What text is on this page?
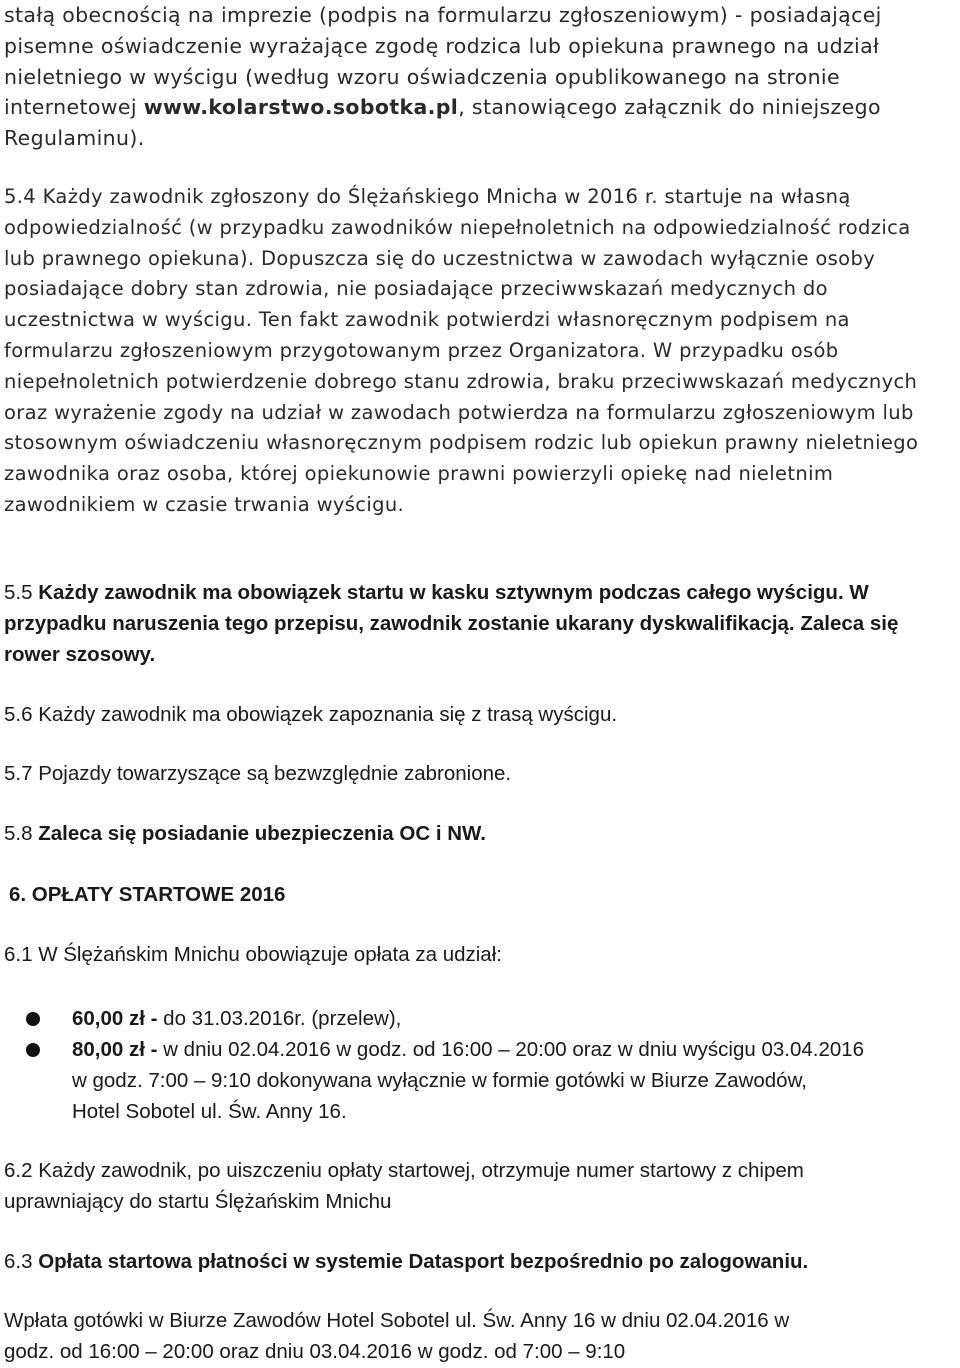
stałą obecnością na imprezie (podpis na formularzu zgłoszeniowym) - posiadającej

pisemne oświadczenie wyrażające zgodę rodzica lub opiekuna prawnego na udział

nieletniego w wyścigu (według wzoru oświadczenia opublikowanego na stronie

internetowej www.kolarstwo.sobotka.pl, stanowiącego załącznik do niniejszego

Regulaminu).

5.4 Każdy zawodnik zgłoszony do Ślężańskiego Mnicha w 2016 r. startuje na własną

odpowiedzialność (w przypadku zawodników niepełnoletnich na odpowiedzialność rodzica

lub prawnego opiekuna). Dopuszcza się do uczestnictwa w zawodach wyłącznie osoby

posiadające dobry stan zdrowia, nie posiadające przeciwwskazań medycznych do

uczestnictwa w wyścigu. Ten fakt zawodnik potwierdzi własnoręcznym podpisem na

formularzu zgłoszeniowym przygotowanym przez Organizatora. W przypadku osób

niepełnoletnich potwierdzenie dobrego stanu zdrowia, braku przeciwwskazań medycznych

oraz wyrażenie zgody na udział w zawodach potwierdza na formularzu zgłoszeniowym lub

stosownym oświadczeniu własnoręcznym podpisem rodzic lub opiekun prawny nieletniego

zawodnika oraz osoba, której opiekunowie prawni powierzyli opiekę nad nieletnim

zawodnikiem w czasie trwania wyścigu.

5.5 Każdy zawodnik ma obowiązek startu w kasku sztywnym podczas całego wyścigu. W

przypadku naruszenia tego przepisu, zawodnik zostanie ukarany dyskwalifikacją. Zaleca się

rower szosowy.

5.6 Każdy zawodnik ma obowiązek zapoznania się z trasą wyścigu.

5.7 Pojazdy towarzyszące są bezwzględnie zabronione.

5.8 Zaleca się posiadanie ubezpieczenia OC i NW.

6. OPŁATY STARTOWE 2016

6.1 W Ślężańskim Mnichu obowiązuje opłata za udział:

60,00 zł - do 31.03.2016r. (przelew),

80,00 zł - w dniu 02.04.2016 w godz. od 16:00 – 20:00 oraz w dniu wyścigu 03.04.2016

w godz. 7:00 – 9:10 dokonywana wyłącznie w formie gotówki w Biurze Zawodów,

Hotel Sobotel ul. Św. Anny 16.

6.2 Każdy zawodnik, po uiszczeniu opłaty startowej, otrzymuje numer startowy z chipem

uprawniający do startu Ślężańskim Mnichu

6.3 Opłata startowa płatności w systemie Datasport bezpośrednio po zalogowaniu.

Wpłata gotówki w Biurze Zawodów Hotel Sobotel ul. Św. Anny 16 w dniu 02.04.2016 w

godz. od 16:00 – 20:00 oraz dniu 03.04.2016 w godz. od 7:00 – 9:10
